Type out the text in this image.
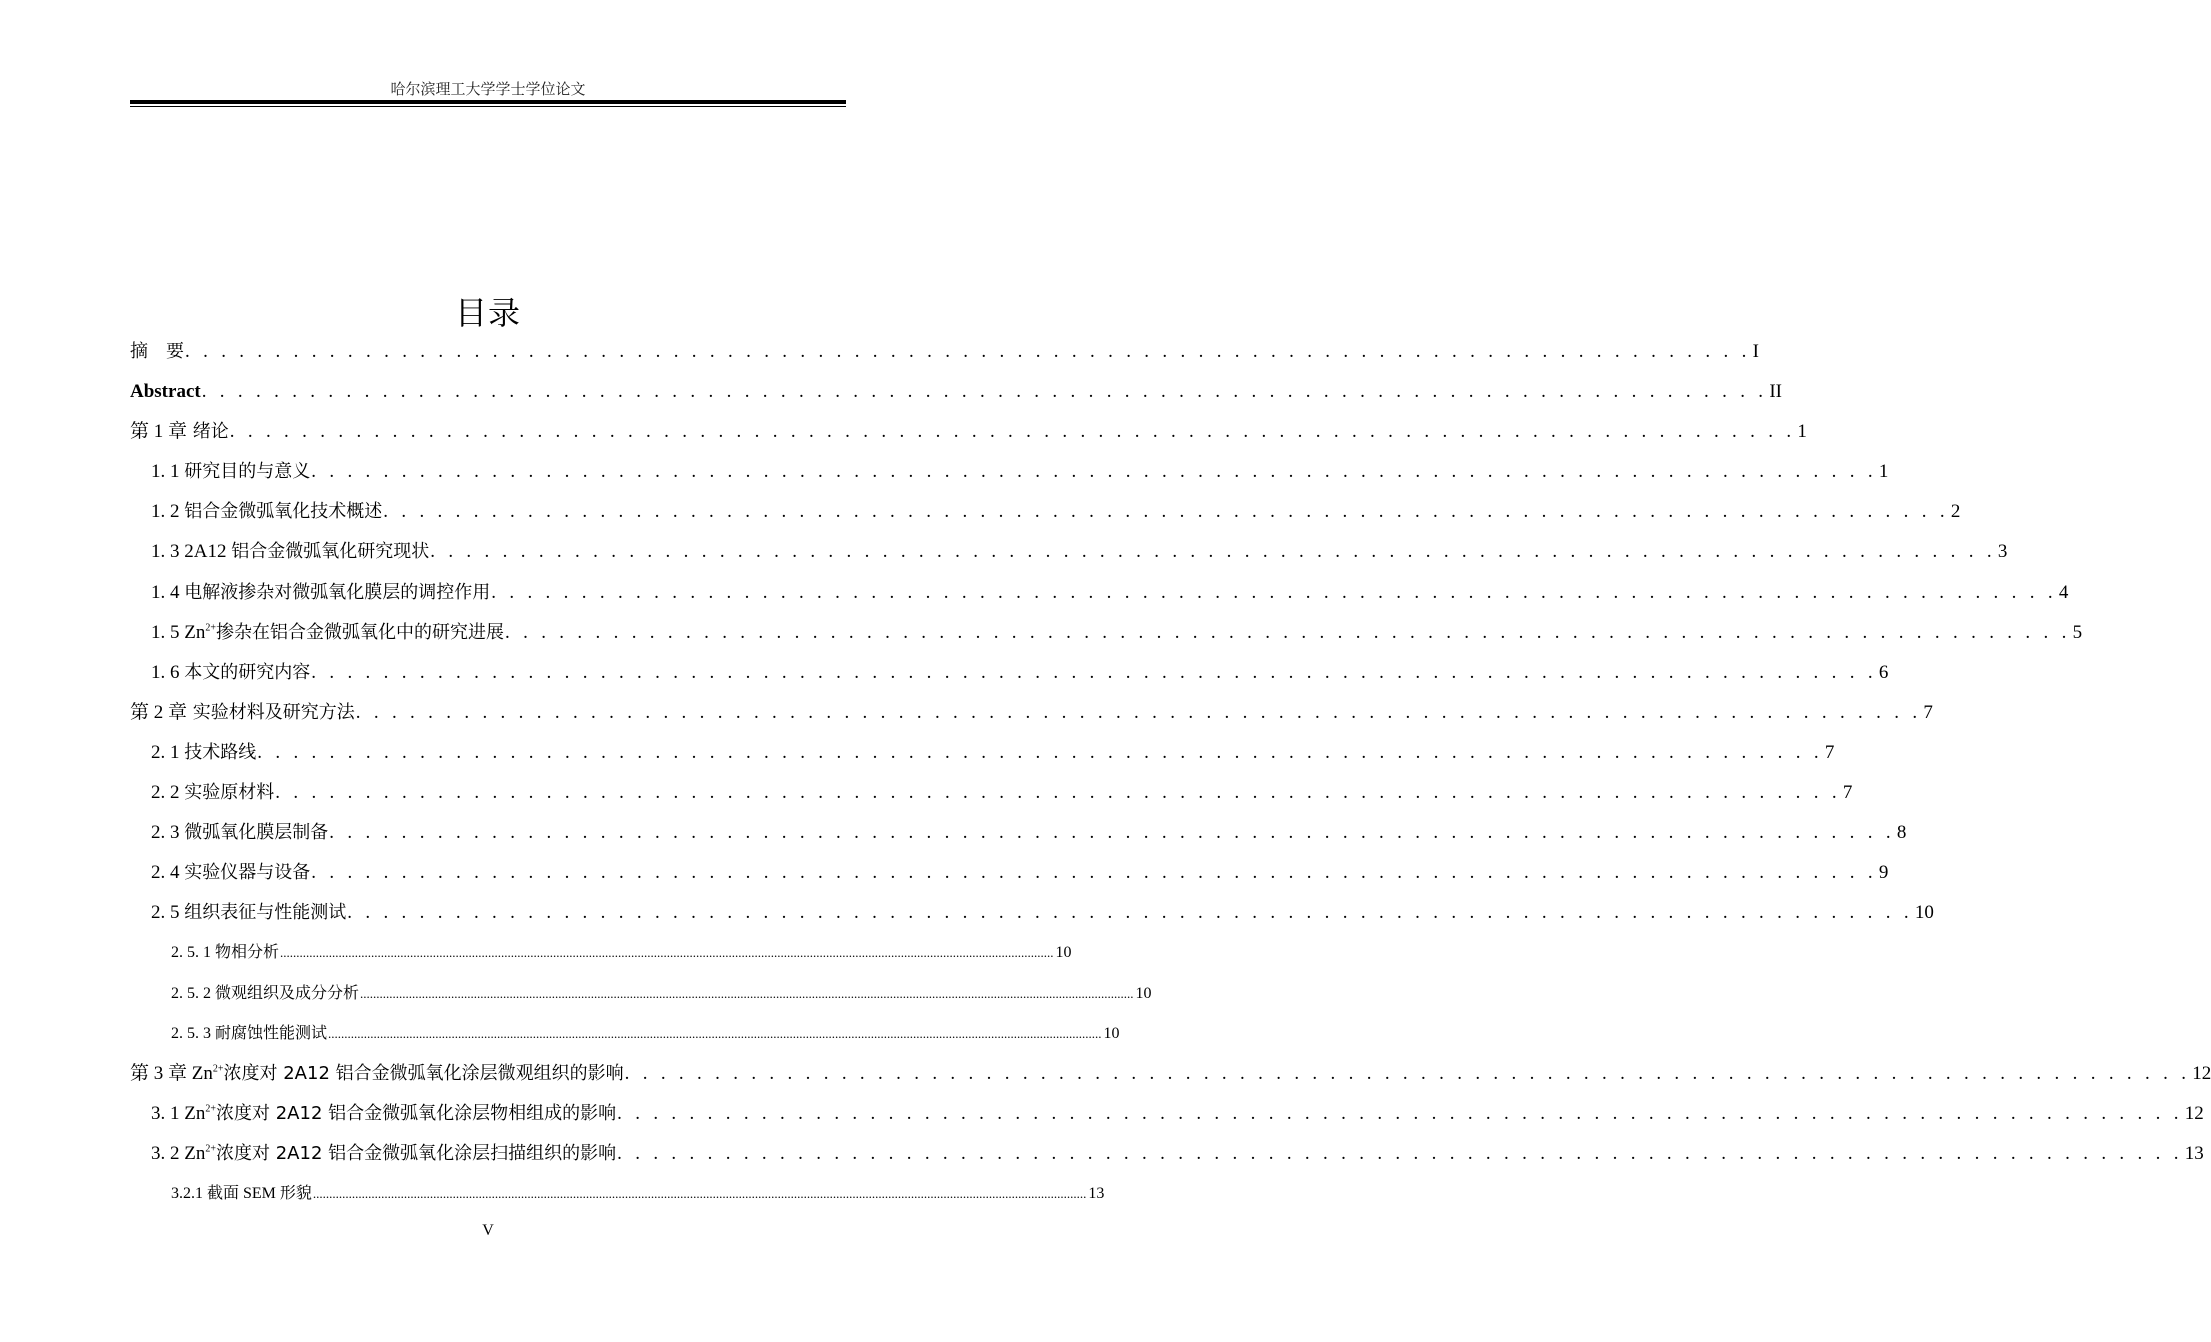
哈尔滨理工大学学士学位论文
目录
摘　要 . . . . . . . . . . . . . . . . . . . . . . . . . . . . . . . . . . . . . . . . . . . . . . . . . . . . . . . . . . . . . . . . . . . . . . . . . . . . . . . . . . . . . . . I
Abstract . . . . . . . . . . . . . . . . . . . . . . . . . . . . . . . . . . . . . . . . . . . . . . . . . . . . . . . . . . . . . . . . . . . . . . . . . . . . . . . . . . . . . . . II
第 1 章 绪论 . . . . . . . . . . . . . . . . . . . . . . . . . . . . . . . . . . . . . . . . . . . . . . . . . . . . . . . . . . . . . . . . . . . . . . . . . . . . . . . . . . . . . . . 1
1. 1 研究目的与意义 . . . . . . . . . . . . . . . . . . . . . . . . . . . . . . . . . . . . . . . . . . . . . . . . . . . . . . . . . . . . . . . . . . . . . . . . . . . . . . . . . . . . . . . 1
1. 2 铝合金微弧氧化技术概述 . . . . . . . . . . . . . . . . . . . . . . . . . . . . . . . . . . . . . . . . . . . . . . . . . . . . . . . . . . . . . . . . . . . . . . . . . . . . . . . . . . . . . . . 2
1. 3 2A12 铝合金微弧氧化研究现状 . . . . . . . . . . . . . . . . . . . . . . . . . . . . . . . . . . . . . . . . . . . . . . . . . . . . . . . . . . . . . . . . . . . . . . . . . . . . . . . . . . . . . . . 3
1. 4 电解液掺杂对微弧氧化膜层的调控作用 . . . . . . . . . . . . . . . . . . . . . . . . . . . . . . . . . . . . . . . . . . . . . . . . . . . . . . . . . . . . . . . . . . . . . . . . . . . . . . . . . . . . . . . 4
1. 5 $Zn^{2+}$掺杂在铝合金微弧氧化中的研究进展 . . . . . . . . . . . . . . . . . . . . . . . . . . . . . . . . . . . . . . . . . . . . . . . . . . . . . . . . . . . . . . . . . . . . . . . . . . . . . . . . . . . . . . . 5
1. 6 本文的研究内容 . . . . . . . . . . . . . . . . . . . . . . . . . . . . . . . . . . . . . . . . . . . . . . . . . . . . . . . . . . . . . . . . . . . . . . . . . . . . . . . . . . . . . . . 6
第 2 章 实验材料及研究方法 . . . . . . . . . . . . . . . . . . . . . . . . . . . . . . . . . . . . . . . . . . . . . . . . . . . . . . . . . . . . . . . . . . . . . . . . . . . . . . . . . . . . . . . 7
2. 1 技术路线 . . . . . . . . . . . . . . . . . . . . . . . . . . . . . . . . . . . . . . . . . . . . . . . . . . . . . . . . . . . . . . . . . . . . . . . . . . . . . . . . . . . . . . . 7
2. 2 实验原材料 . . . . . . . . . . . . . . . . . . . . . . . . . . . . . . . . . . . . . . . . . . . . . . . . . . . . . . . . . . . . . . . . . . . . . . . . . . . . . . . . . . . . . . . 7
2. 3 微弧氧化膜层制备 . . . . . . . . . . . . . . . . . . . . . . . . . . . . . . . . . . . . . . . . . . . . . . . . . . . . . . . . . . . . . . . . . . . . . . . . . . . . . . . . . . . . . . . 8
2. 4 实验仪器与设备 . . . . . . . . . . . . . . . . . . . . . . . . . . . . . . . . . . . . . . . . . . . . . . . . . . . . . . . . . . . . . . . . . . . . . . . . . . . . . . . . . . . . . . . 9
2. 5 组织表征与性能测试 . . . . . . . . . . . . . . . . . . . . . . . . . . . . . . . . . . . . . . . . . . . . . . . . . . . . . . . . . . . . . . . . . . . . . . . . . . . . . . . . . . . . . . . 10
2. 5. 1 物相分析 .............................................................................................................................................................................................................................................. 10
2. 5. 2 微观组织及成分分析 .............................................................................................................................................................................................................................................. 10
2. 5. 3 耐腐蚀性能测试 .............................................................................................................................................................................................................................................. 10
第 3 章 $Zn^{2+}$浓度对 2A12 铝合金微弧氧化涂层微观组织的影响 . . . . . . . . . . . . . . . . . . . . . . . . . . . . . . . . . . . . . . . . . . . . . . . . . . . . . . . . . . . . . . . . . . . . . . . . . . . . . . . . . . . . . . . 12
3. 1 $Zn^{2+}$浓度对 2A12 铝合金微弧氧化涂层物相组成的影响 . . . . . . . . . . . . . . . . . . . . . . . . . . . . . . . . . . . . . . . . . . . . . . . . . . . . . . . . . . . . . . . . . . . . . . . . . . . . . . . . . . . . . . . 12
3. 2 $Zn^{2+}$浓度对 2A12 铝合金微弧氧化涂层扫描组织的影响 . . . . . . . . . . . . . . . . . . . . . . . . . . . . . . . . . . . . . . . . . . . . . . . . . . . . . . . . . . . . . . . . . . . . . . . . . . . . . . . . . . . . . . . 13
3.2.1 截面 SEM 形貌 .............................................................................................................................................................................................................................................. 13
V
